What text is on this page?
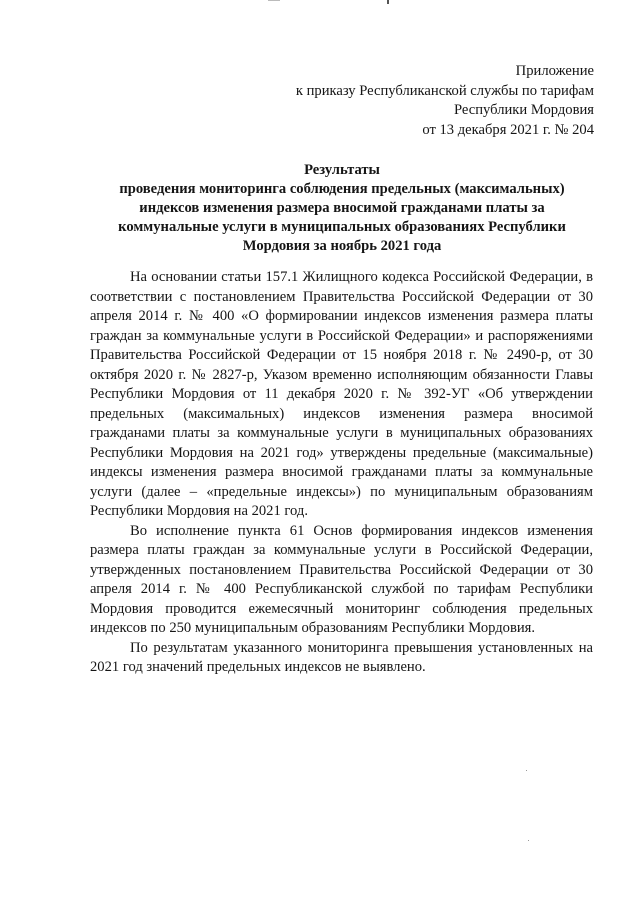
Приложение
к приказу Республиканской службы по тарифам
Республики Мордовия
от 13 декабря 2021 г. № 204
Результаты
проведения мониторинга соблюдения предельных (максимальных)
индексов изменения размера вносимой гражданами платы за
коммунальные услуги в муниципальных образованиях Республики
Мордовия за ноябрь 2021 года

На основании статьи 157.1 Жилищного кодекса Российской Федерации, в соответствии с постановлением Правительства Российской Федерации от 30 апреля 2014 г. № 400 «О формировании индексов изменения размера платы граждан за коммунальные услуги в Российской Федерации» и распоряжениями Правительства Российской Федерации от 15 ноября 2018 г. № 2490-р, от 30 октября 2020 г. № 2827-р, Указом временно исполняющим обязанности Главы Республики Мордовия от 11 декабря 2020 г. № 392-УГ «Об утверждении предельных (максимальных) индексов изменения размера вносимой гражданами платы за коммунальные услуги в муниципальных образованиях Республики Мордовия на 2021 год» утверждены предельные (максимальные) индексы изменения размера вносимой гражданами платы за коммунальные услуги (далее – «предельные индексы») по муниципальным образованиям Республики Мордовия на 2021 год.

Во исполнение пункта 61 Основ формирования индексов изменения размера платы граждан за коммунальные услуги в Российской Федерации, утвержденных постановлением Правительства Российской Федерации от 30 апреля 2014 г. № 400 Республиканской службой по тарифам Республики Мордовия проводится ежемесячный мониторинг соблюдения предельных индексов по 250 муниципальным образованиям Республики Мордовия.

По результатам указанного мониторинга превышения установленных на 2021 год значений предельных индексов не выявлено.
